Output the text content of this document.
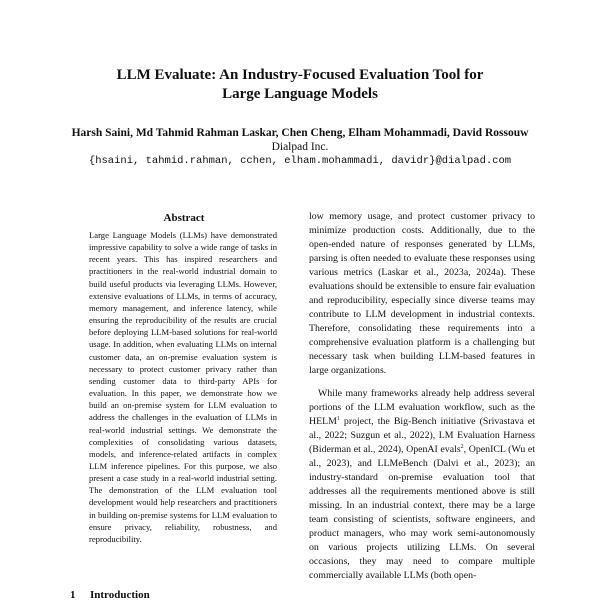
LLM Evaluate: An Industry-Focused Evaluation Tool for
Large Language Models
Harsh Saini, Md Tahmid Rahman Laskar, Chen Cheng, Elham Mohammadi, David Rossouw
Dialpad Inc.
{hsaini, tahmid.rahman, cchen, elham.mohammadi, davidr}@dialpad.com
Abstract
Large Language Models (LLMs) have demonstrated impressive capability to solve a wide range of tasks in recent years. This has inspired researchers and practitioners in the real-world industrial domain to build useful products via leveraging LLMs. However, extensive evaluations of LLMs, in terms of accuracy, memory management, and inference latency, while ensuring the reproducibility of the results are crucial before deploying LLM-based solutions for real-world usage. In addition, when evaluating LLMs on internal customer data, an on-premise evaluation system is necessary to protect customer privacy rather than sending customer data to third-party APIs for evaluation. In this paper, we demonstrate how we build an on-premise system for LLM evaluation to address the challenges in the evaluation of LLMs in real-world industrial settings. We demonstrate the complexities of consolidating various datasets, models, and inference-related artifacts in complex LLM inference pipelines. For this purpose, we also present a case study in a real-world industrial setting. The demonstration of the LLM evaluation tool development would help researchers and practitioners in building on-premise systems for LLM evaluation to ensure privacy, reliability, robustness, and reproducibility.
1 Introduction

low memory usage, and protect customer privacy to minimize production costs. Additionally, due to the open-ended nature of responses generated by LLMs, parsing is often needed to evaluate these responses using various metrics (Laskar et al., 2023a, 2024a). These evaluations should be extensible to ensure fair evaluation and reproducibility, especially since diverse teams may contribute to LLM development in industrial contexts. Therefore, consolidating these requirements into a comprehensive evaluation platform is a challenging but necessary task when building LLM-based features in large organizations.

While many frameworks already help address several portions of the LLM evaluation workflow, such as the HELM$^1$ project, the Big-Bench initiative (Srivastava et al., 2022; Suzgun et al., 2022), LM Evaluation Harness (Biderman et al., 2024), OpenAI evals$^2$, OpenICL (Wu et al., 2023), and LLMeBench (Dalvi et al., 2023); an industry-standard on-premise evaluation tool that addresses all the requirements mentioned above is still missing. In an industrial context, there may be a large team consisting of scientists, software engineers, and product managers, who may work semi-autonomously on various projects utilizing LLMs. On several occasions, they may need to compare multiple commercially available LLMs (both open-
